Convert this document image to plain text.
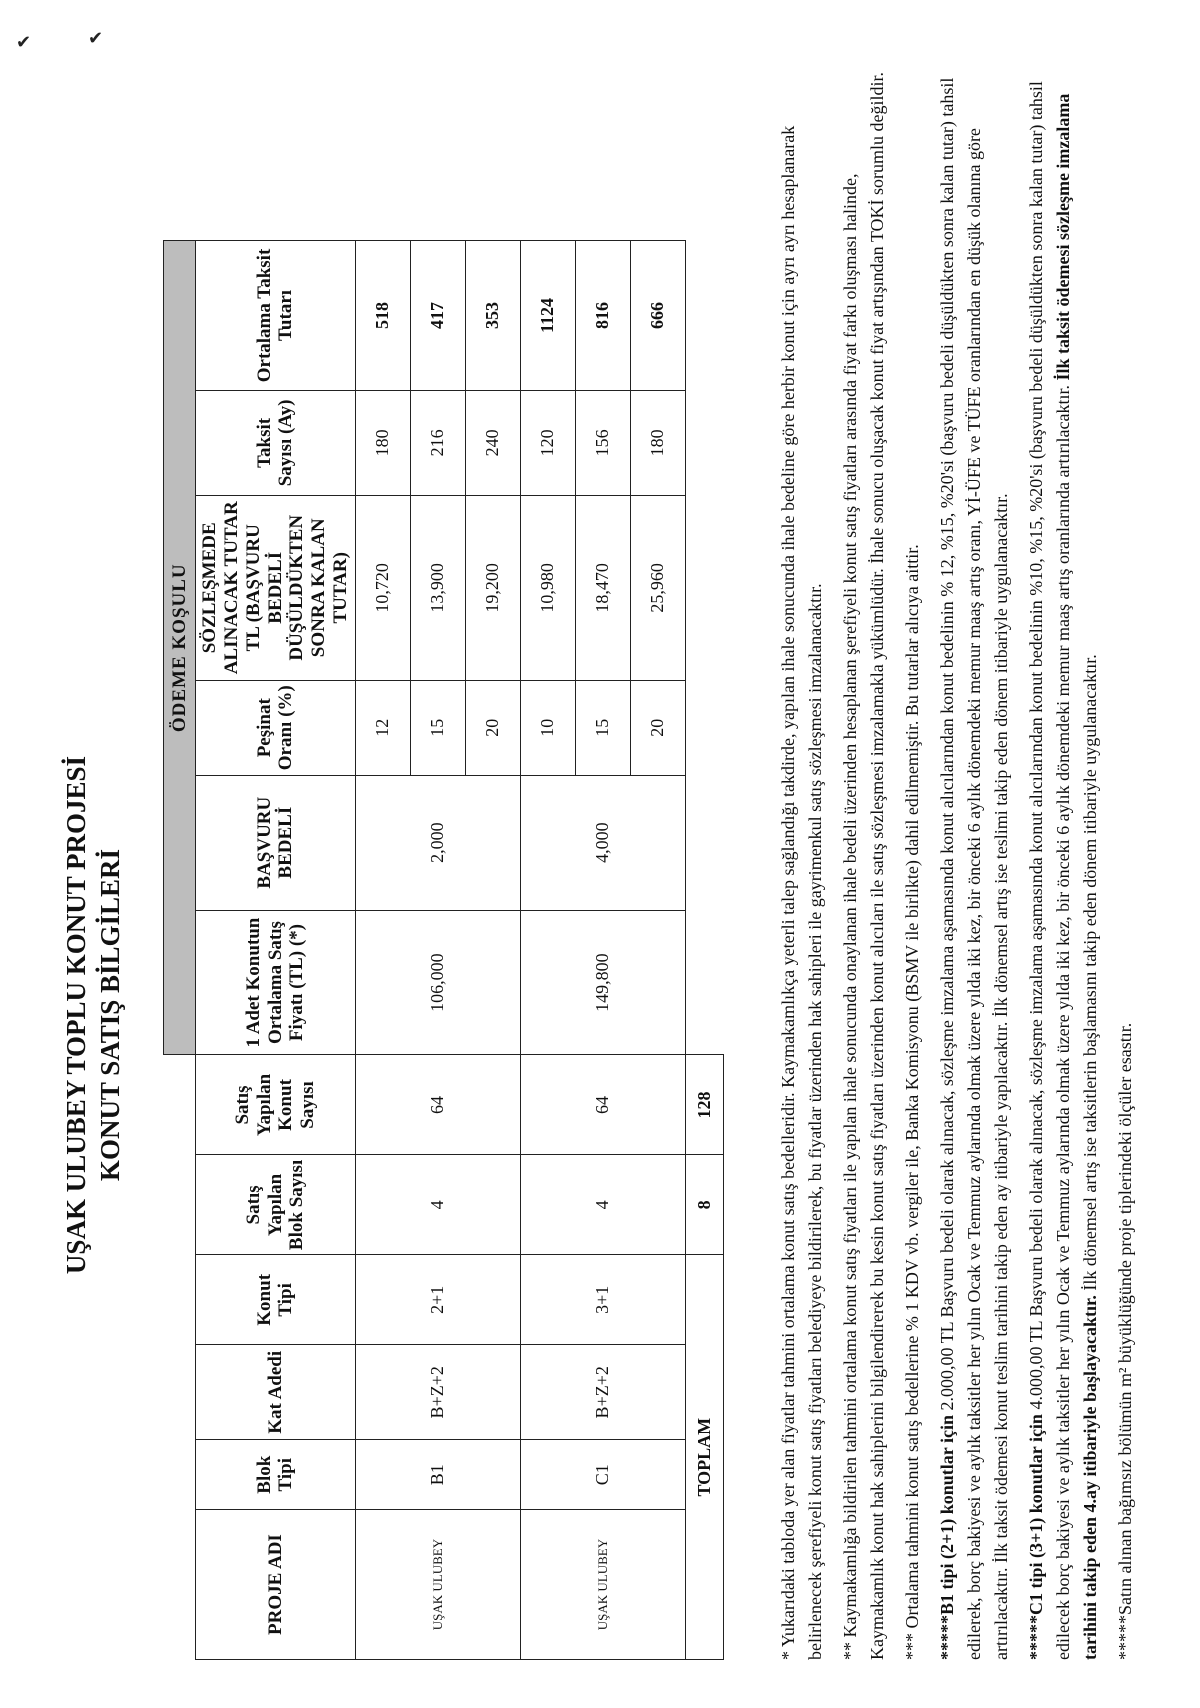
✔	✔
UŞAK ULUBEY TOPLU KONUT PROJESİ KONUT SATIŞ BİLGİLERİ
						ÖDEME KOŞULU					
PROJE ADI	Blok Tipi	Kat Adedi	Konut Tipi	Satış Yapılan Blok Sayısı	Satış Yapılan Konut Sayısı	1 Adet Konutun Ortalama Satış Fiyatı (TL) (*)	BAŞVURU BEDELİ	Peşinat Oranı (%)	SÖZLEŞMEDE ALINACAK TUTAR TL (BAŞVURU BEDELİ DÜŞÜLDÜKTEN SONRA KALAN TUTAR)	Taksit Sayısı (Ay)	Ortalama Taksit Tutarı
UŞAK ULUBEY	B1	B+Z+2	2+1	4	64	106,000	2,000	12	10,720	180	518
								15	13,900	216	417
								20	19,200	240	353
UŞAK ULUBEY	C1	B+Z+2	3+1	4	64	149,800	4,000	10	10,980	120	1124
								15	18,470	156	816
								20	25,960	180	666
TOPLAM				8	128							* Yukarıdaki tabloda yer alan fiyatlar tahmini ortalama konut satış bedelleridir. Kaymakamlıkça yeterli talep sağlandığı takdirde, yapılan ihale sonucunda ihale bedeline göre herbir konut için ayrı ayrı hesaplanarak belirlenecek şerefiyeli konut satış fiyatları belediyeye bildirilerek, bu fiyatlar üzerinden hak sahipleri ile gayrimenkul satış sözleşmesi imzalanacaktır. ** Kaymakamlığa bildirilen tahmini ortalama konut satış fiyatları ile yapılan ihale sonucunda onaylanan ihale bedeli üzerinden hesaplanan şerefiyeli konut satış fiyatları arasında fiyat farkı oluşması halinde, Kaymakamlık konut hak sahiplerini bilgilendirerek bu kesin konut satış fiyatları üzerinden konut alıcıları ile satış sözleşmesi imzalamakla yükümlüdür. İhale sonucu oluşacak konut fiyat artışından TOKİ sorumlu değildir. *** Ortalama tahmini konut satış bedellerine % 1 KDV vb. vergiler ile, Banka Komisyonu (BSMV ile birlikte) dahil edilmemiştir. Bu tutarlar alıcıya aittir. *****B1 tipi (2+1) konutlar için 2.000,00 TL Başvuru bedeli olarak alınacak, sözleşme imzalama aşamasında konut alıcılarından konut bedelinin % 12, %15, %20'si (başvuru bedeli düşüldükten sonra kalan tutar) tahsil edilerek, borç bakiyesi ve aylık taksitler her yılın Ocak ve Temmuz aylarında olmak üzere yılda iki kez, bir önceki 6 aylık dönemdeki memur maaş artış oranı, Yİ-ÜFE ve TÜFE oranlarından en düşük olanına göre artırılacaktır. İlk taksit ödemesi konut teslim tarihini takip eden ay itibariyle yapılacaktır. İlk dönemsel artış ise teslimi takip eden dönem itibariyle uygulanacaktır. *****C1 tipi (3+1) konutlar için 4.000,00 TL Başvuru bedeli olarak alınacak, sözleşme imzalama aşamasında konut alıcılarından konut bedelinin %10, %15, %20'si (başvuru bedeli düşüldükten sonra kalan tutar) tahsil edilecek borç bakiyesi ve aylık taksitler her yılın Ocak ve Temmuz aylarında olmak üzere yılda iki kez, bir önceki 6 aylık dönemdeki memur maaş artış oranlarında artırılacaktır. İlk taksit ödemesi sözleşme imzalama tarihini takip eden 4.ay itibariyle başlayacaktır. İlk dönemsel artış ise taksitlerin başlamasını takip eden dönem itibariyle uygulanacaktır.

*****Satın alınan bağımsız bölümün m² büyüklüğünde proje tiplerindeki ölçüler esastır.
